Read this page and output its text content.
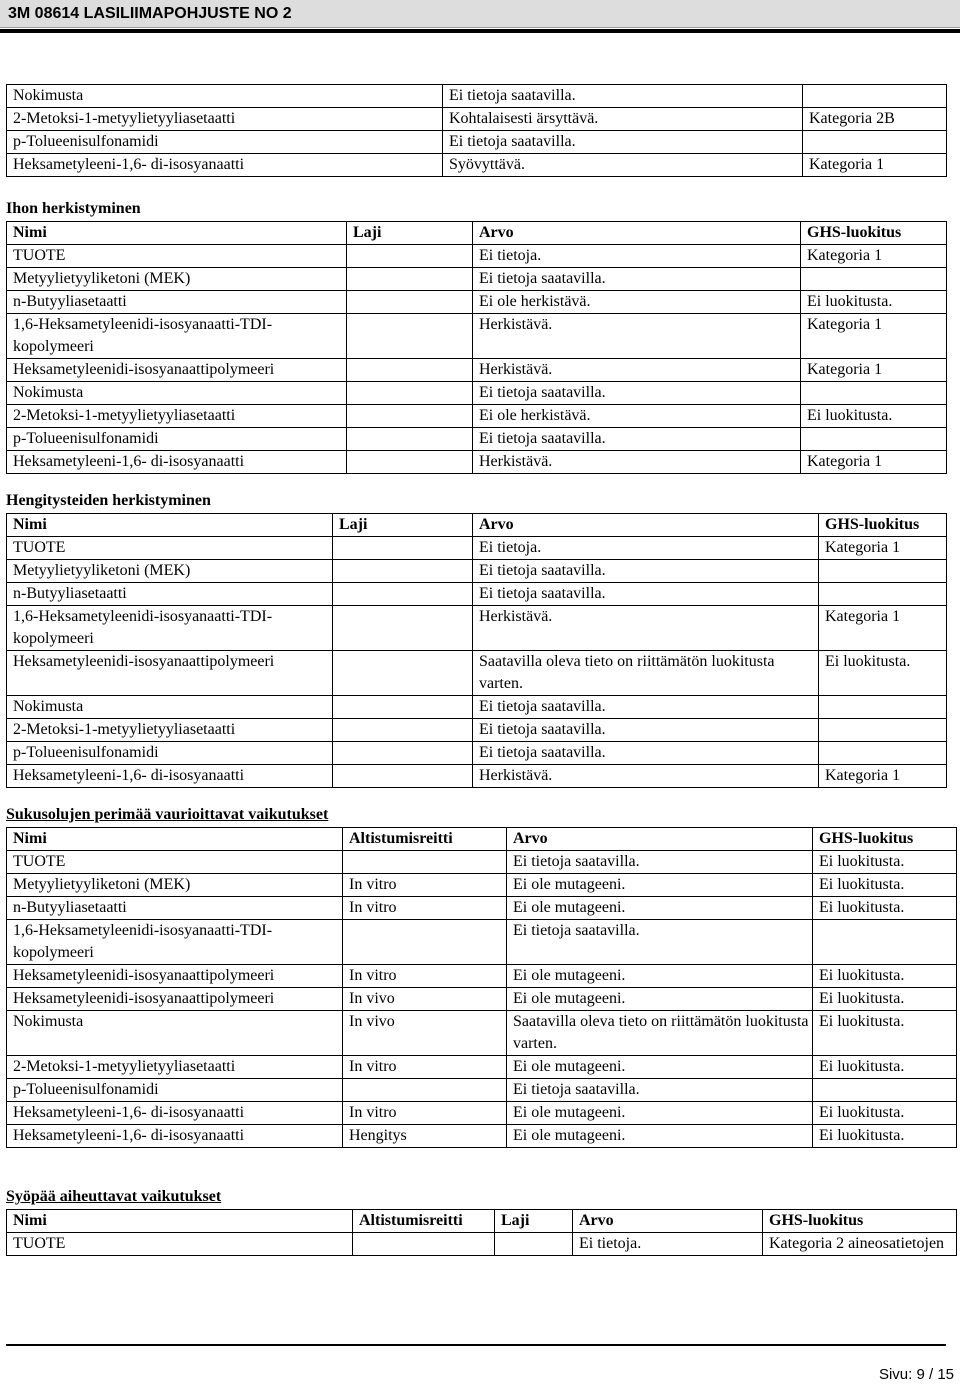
3M 08614 LASILIIMAPOHJUSTE NO 2
Nokimusta	Ei tietoja saatavilla.	
2-Metoksi-1-metyylietyyliasetaatti	Kohtalaisesti ärsyttävä.	Kategoria 2B
p-Tolueenisulfonamidi	Ei tietoja saatavilla.	
Heksametyleeni-1,6- di-isosyanaatti	Syövyttävä.	Kategoria 1
Ihon herkistyminen
Nimi	Laji	Arvo	GHS-luokitus
TUOTE		Ei tietoja.	Kategoria 1
Metyylietyyliketoni (MEK)		Ei tietoja saatavilla.	
n-Butyyliasetaatti		Ei ole herkistävä.	Ei luokitusta.
1,6-Heksametyleenidi-isosyanaatti-TDI-kopolymeeri		Herkistävä.	Kategoria 1
Heksametyleenidi-isosyanaattipolymeeri		Herkistävä.	Kategoria 1
Nokimusta		Ei tietoja saatavilla.	
2-Metoksi-1-metyylietyyliasetaatti		Ei ole herkistävä.	Ei luokitusta.
p-Tolueenisulfonamidi		Ei tietoja saatavilla.	
Heksametyleeni-1,6- di-isosyanaatti		Herkistävä.	Kategoria 1
Hengitysteiden herkistyminen
Nimi	Laji	Arvo	GHS-luokitus
TUOTE		Ei tietoja.	Kategoria 1
Metyylietyyliketoni (MEK)		Ei tietoja saatavilla.	
n-Butyyliasetaatti		Ei tietoja saatavilla.	
1,6-Heksametyleenidi-isosyanaatti-TDI-kopolymeeri		Herkistävä.	Kategoria 1
Heksametyleenidi-isosyanaattipolymeeri		Saatavilla oleva tieto on riittämätön luokitusta varten.	Ei luokitusta.
Nokimusta		Ei tietoja saatavilla.	
2-Metoksi-1-metyylietyyliasetaatti		Ei tietoja saatavilla.	
p-Tolueenisulfonamidi		Ei tietoja saatavilla.	
Heksametyleeni-1,6- di-isosyanaatti		Herkistävä.	Kategoria 1
Sukusolujen perimää vaurioittavat vaikutukset
Nimi	Altistumisreitti	Arvo	GHS-luokitus
TUOTE		Ei tietoja saatavilla.	Ei luokitusta.
Metyylietyyliketoni (MEK)	In vitro	Ei ole mutageeni.	Ei luokitusta.
n-Butyyliasetaatti	In vitro	Ei ole mutageeni.	Ei luokitusta.
1,6-Heksametyleenidi-isosyanaatti-TDI-kopolymeeri		Ei tietoja saatavilla.	
Heksametyleenidi-isosyanaattipolymeeri	In vitro	Ei ole mutageeni.	Ei luokitusta.
Heksametyleenidi-isosyanaattipolymeeri	In vivo	Ei ole mutageeni.	Ei luokitusta.
Nokimusta	In vivo	Saatavilla oleva tieto on riittämätön luokitusta varten.	Ei luokitusta.
2-Metoksi-1-metyylietyyliasetaatti	In vitro	Ei ole mutageeni.	Ei luokitusta.
p-Tolueenisulfonamidi		Ei tietoja saatavilla.	
Heksametyleeni-1,6- di-isosyanaatti	In vitro	Ei ole mutageeni.	Ei luokitusta.
Heksametyleeni-1,6- di-isosyanaatti	Hengitys	Ei ole mutageeni.	Ei luokitusta.
Syöpää aiheuttavat vaikutukset
Nimi	Altistumisreitti	Laji	Arvo	GHS-luokitus
TUOTE			Ei tietoja.	Kategoria 2 aineosatietojen
Sivu: 9 / 15
